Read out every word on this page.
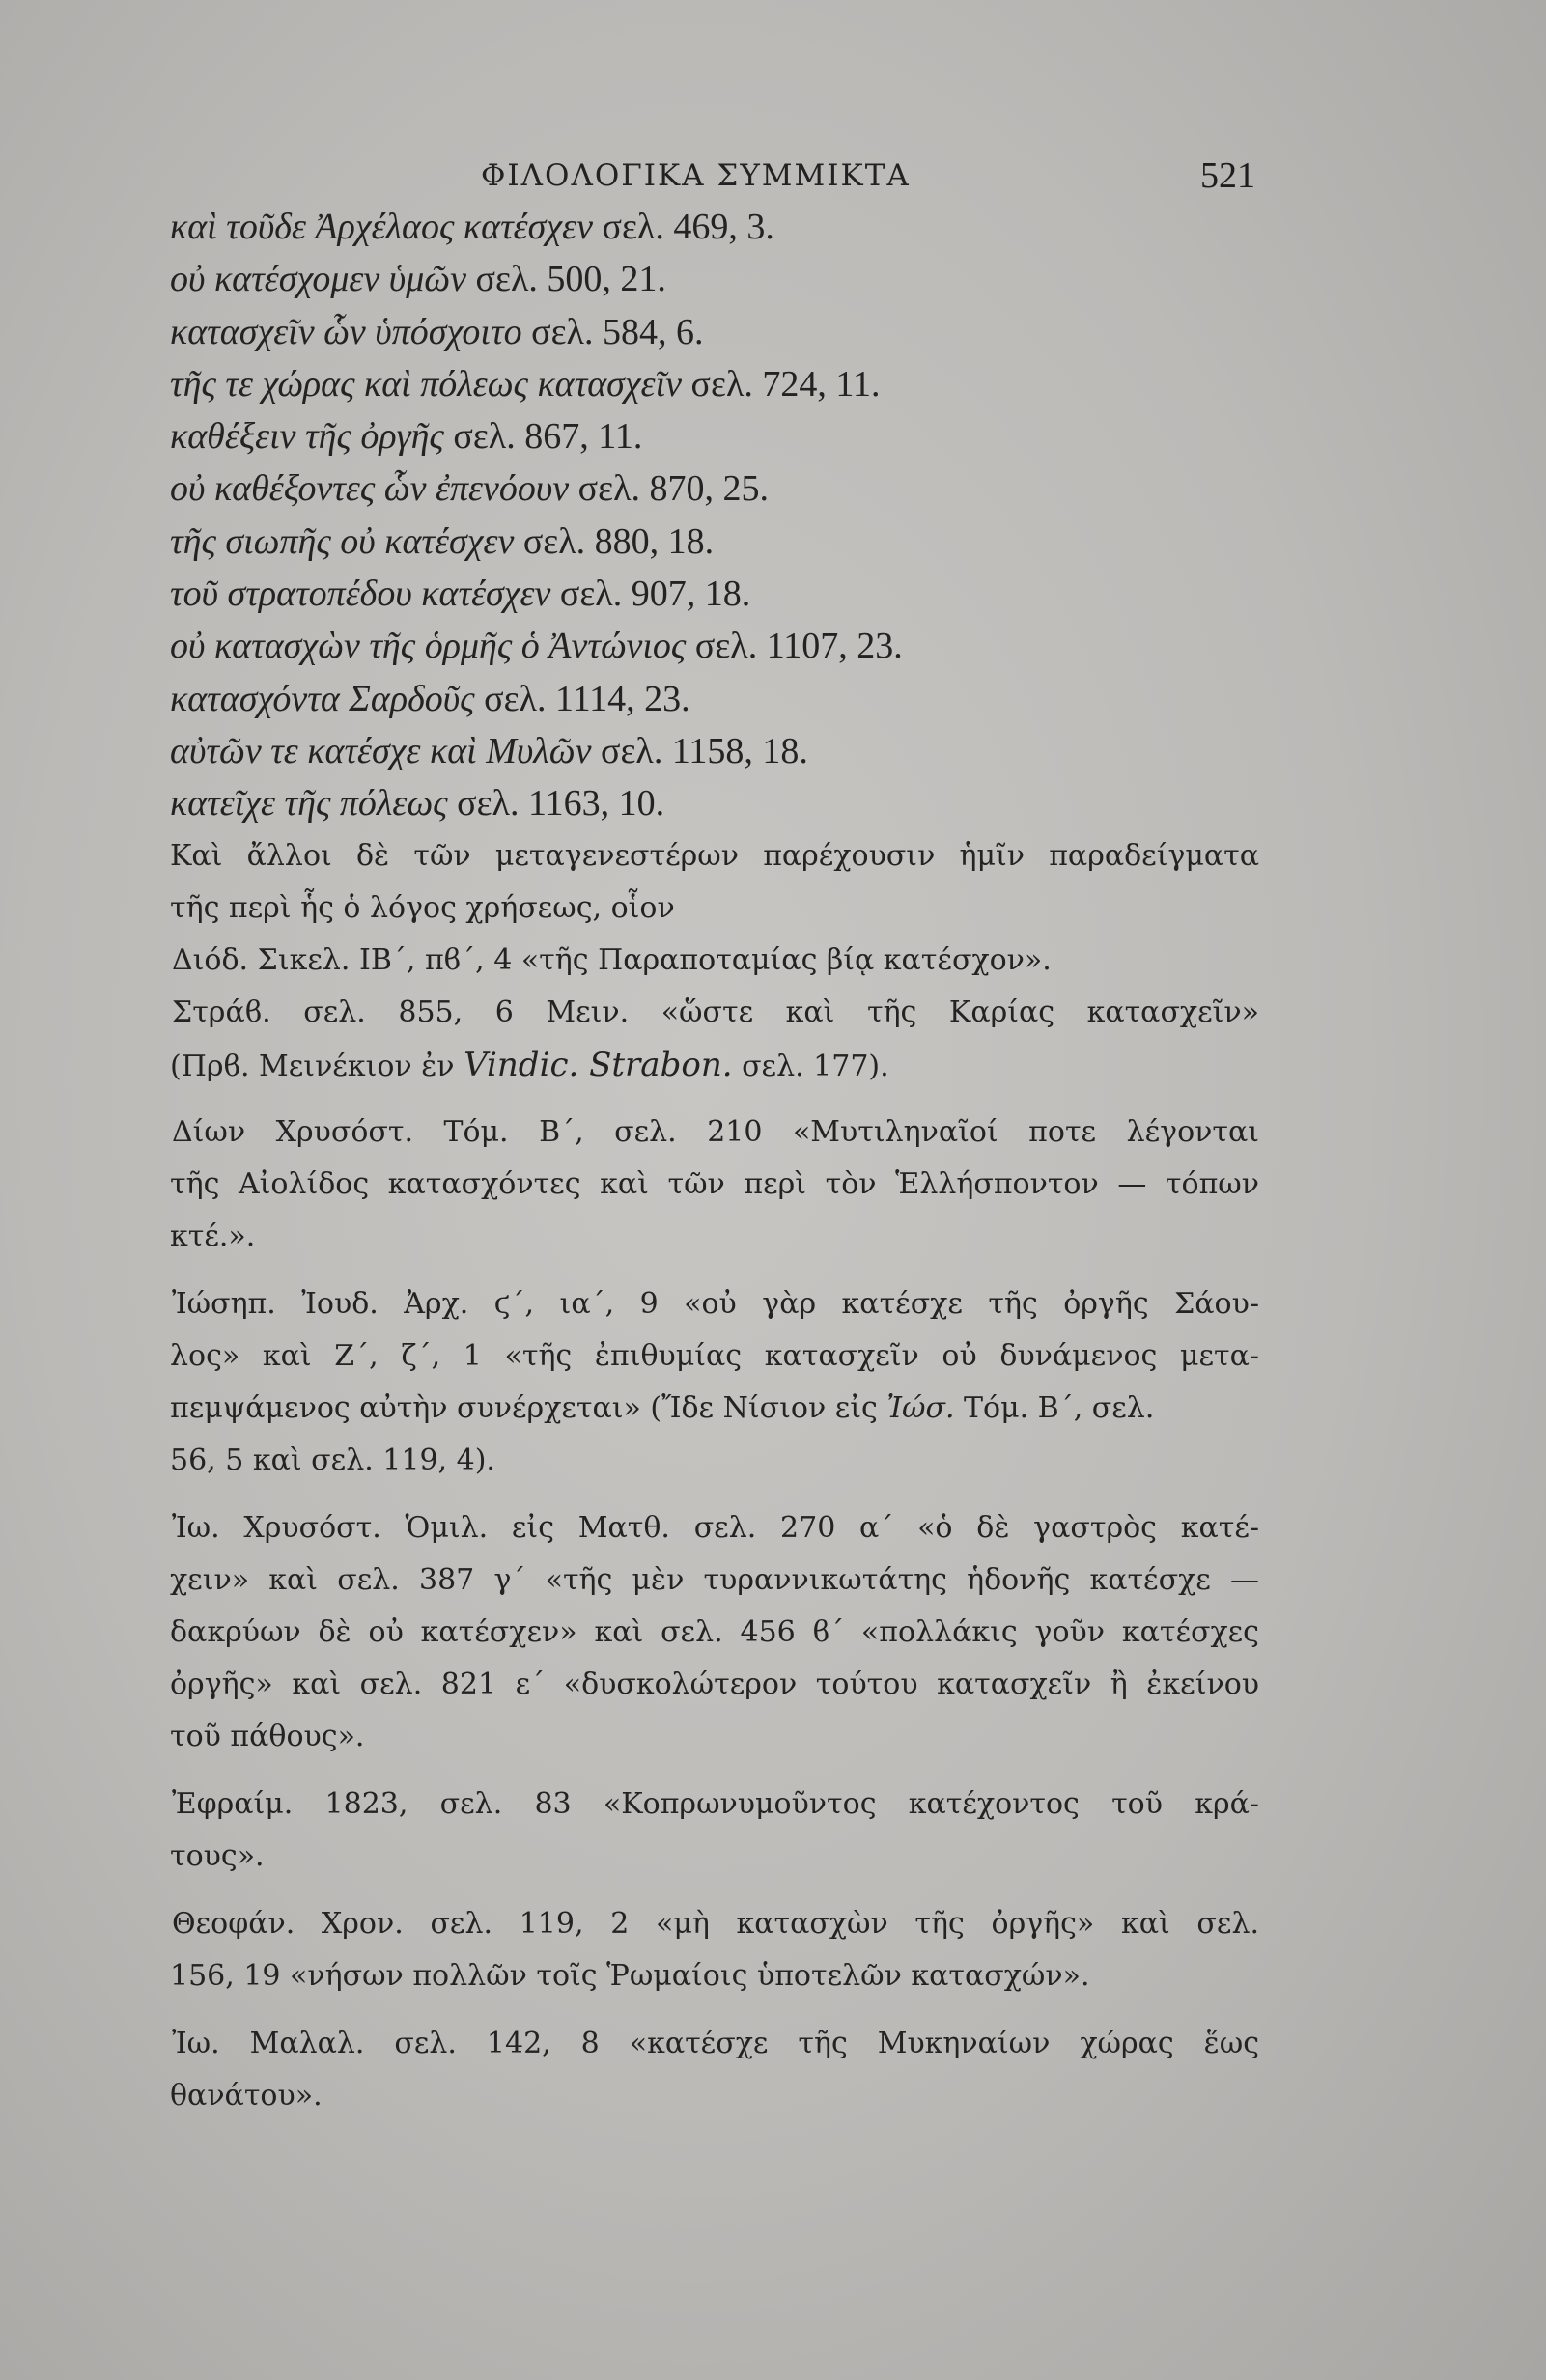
ΦΙΛΟΛΟΓΙΚΑ ΣΥΜΜΙΚΤΑ	521
καὶ τοῦδε Ἀρχέλαος κατέσχεν σελ. 469, 3.
οὐ κατέσχομεν ὑμῶν σελ. 500, 21.
κατασχεῖν ὧν ὑπόσχοιτο σελ. 584, 6.
τῆς τε χώρας καὶ πόλεως κατασχεῖν σελ. 724, 11.
καθέξειν τῆς ὀργῆς σελ. 867, 11.
οὐ καθέξοντες ὧν ἐπενόουν σελ. 870, 25.
τῆς σιωπῆς οὐ κατέσχεν σελ. 880, 18.
τοῦ στρατοπέδου κατέσχεν σελ. 907, 18.
οὐ κατασχὼν τῆς ὁρμῆς ὁ Ἀντώνιος σελ. 1107, 23.
κατασχόντα Σαρδοῦς σελ. 1114, 23.
αὐτῶν τε κατέσχε καὶ Μυλῶν σελ. 1158, 18.
κατεῖχε τῆς πόλεως σελ. 1163, 10.
Καὶ ἄλλοι δὲ τῶν μεταγενεστέρων παρέχουσιν ἡμῖν παραδείγματα
τῆς περὶ ἧς ὁ λόγος χρήσεως, οἷον
Διόδ. Σικελ. ΙΒ΄, πϐ΄, 4 «τῆς Παραποταμίας βίᾳ κατέσχον».
Στράϐ. σελ. 855, 6 Μειν. «ὥστε καὶ τῆς Καρίας κατασχεῖν»
(Πρϐ. Μεινέκιον ἐν Vindic. Strabon. σελ. 177).
Δίων Χρυσόστ. Τόμ. Β΄, σελ. 210 «Μυτιληναῖοί ποτε λέγονται
τῆς Αἰολίδος κατασχόντες καὶ τῶν περὶ τὸν Ἑλλήσποντον — τόπων
κτέ.».
Ἰώσηπ. Ἰουδ. Ἀρχ. ϛ΄, ια΄, 9 «οὐ γὰρ κατέσχε τῆς ὀργῆς Σάου-
λος» καὶ Ζ΄, ζ΄, 1 «τῆς ἐπιθυμίας κατασχεῖν οὐ δυνάμενος μετα-
πεμψάμενος αὐτὴν συνέρχεται» (Ἴδε Νίσιον εἰς Ἰώσ. Τόμ. Β΄, σελ.
56, 5 καὶ σελ. 119, 4).
Ἰω. Χρυσόστ. Ὁμιλ. εἰς Ματθ. σελ. 270 α΄ «ὁ δὲ γαστρὸς κατέ-
χειν» καὶ σελ. 387 γ΄ «τῆς μὲν τυραννικωτάτης ἡδονῆς κατέσχε —
δακρύων δὲ οὐ κατέσχεν» καὶ σελ. 456 ϐ΄ «πολλάκις γοῦν κατέσχες
ὀργῆς» καὶ σελ. 821 ε΄ «δυσκολώτερον τούτου κατασχεῖν ἢ ἐκείνου
τοῦ πάθους».
Ἐφραίμ. 1823, σελ. 83 «Κοπρωνυμοῦντος κατέχοντος τοῦ κρά-
τους».
Θεοφάν. Χρον. σελ. 119, 2 «μὴ κατασχὼν τῆς ὀργῆς» καὶ σελ.
156, 19 «νήσων πολλῶν τοῖς Ῥωμαίοις ὑποτελῶν κατασχών».
Ἰω. Μαλαλ. σελ. 142, 8 «κατέσχε τῆς Μυκηναίων χώρας ἕως
θανάτου».
